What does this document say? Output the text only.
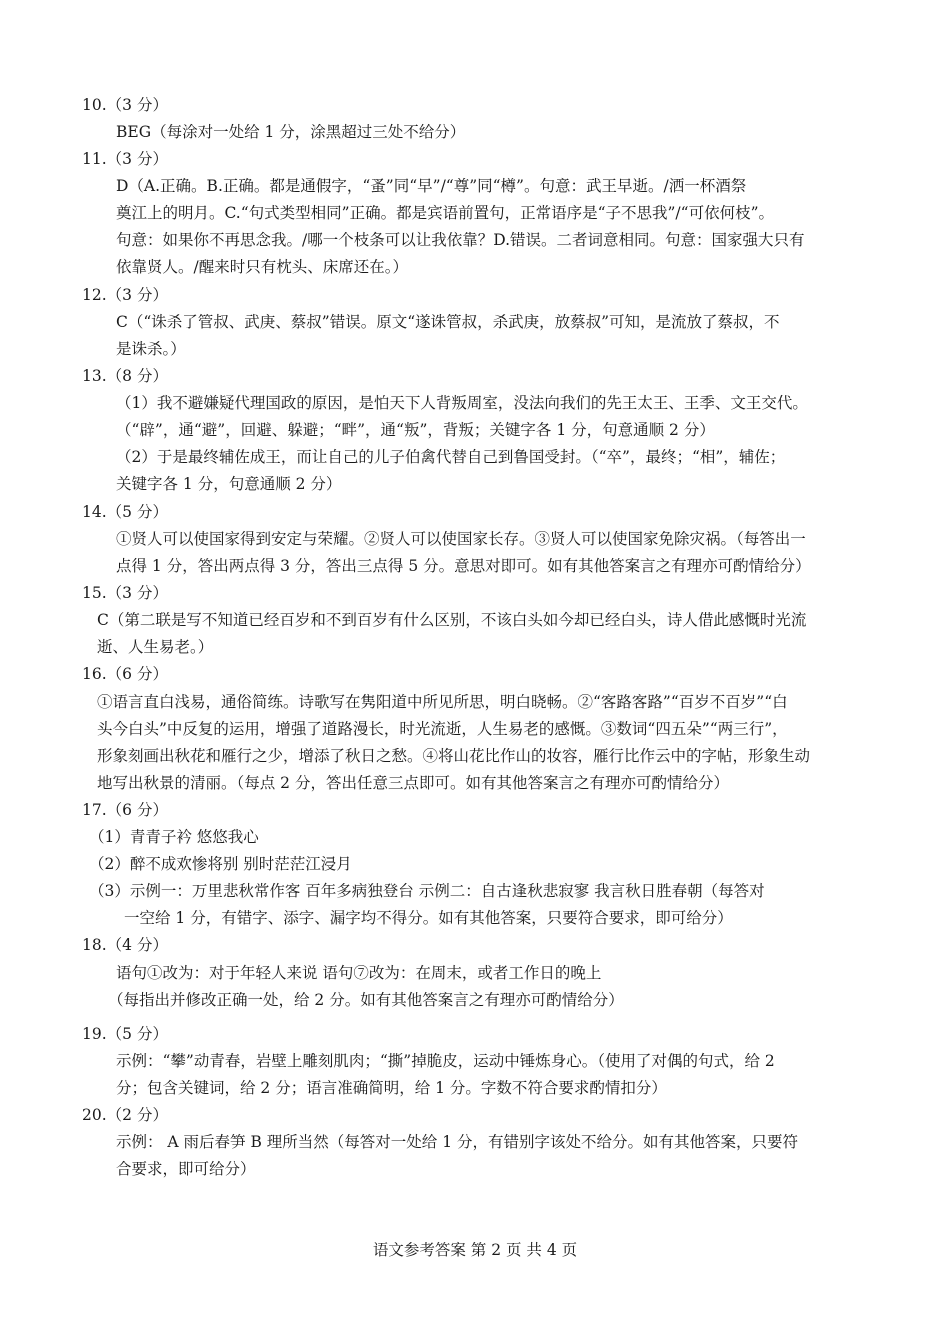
10.（3 分）
BEG（每涂对一处给 1 分，涂黑超过三处不给分）
11.（3 分）
D（A.正确。B.正确。都是通假字，“蚤”同“早”/“尊”同“樽”。句意：武王早逝。/洒一杯酒祭
奠江上的明月。C.“句式类型相同”正确。都是宾语前置句，正常语序是“子不思我”/“可依何枝”。
句意：如果你不再思念我。/哪一个枝条可以让我依靠？D.错误。二者词意相同。句意：国家强大只有
依靠贤人。/醒来时只有枕头、床席还在。）
12.（3 分）
C（“诛杀了管叔、武庚、蔡叔”错误。原文“遂诛管叔，杀武庚，放蔡叔”可知，是流放了蔡叔，不
是诛杀。）
13.（8 分）
（1）我不避嫌疑代理国政的原因，是怕天下人背叛周室，没法向我们的先王太王、王季、文王交代。
（“辟”，通“避”，回避、躲避；“畔”，通“叛”，背叛；关键字各 1 分，句意通顺 2 分）
（2）于是最终辅佐成王，而让自己的儿子伯禽代替自己到鲁国受封。（“卒”，最终；“相”，辅佐；
关键字各 1 分，句意通顺 2 分）
14.（5 分）
①贤人可以使国家得到安定与荣耀。②贤人可以使国家长存。③贤人可以使国家免除灾祸。（每答出一
点得 1 分，答出两点得 3 分，答出三点得 5 分。意思对即可。如有其他答案言之有理亦可酌情给分）
15.（3 分）
C（第二联是写不知道已经百岁和不到百岁有什么区别，不该白头如今却已经白头，诗人借此感慨时光流
逝、人生易老。）
16.（6 分）
①语言直白浅易，通俗简练。诗歌写在隽阳道中所见所思，明白晓畅。②“客路客路”“百岁不百岁”“白
头今白头”中反复的运用，增强了道路漫长，时光流逝，人生易老的感慨。③数词“四五朵”“两三行”，
形象刻画出秋花和雁行之少，增添了秋日之愁。④将山花比作山的妆容，雁行比作云中的字帖，形象生动
地写出秋景的清丽。（每点 2 分，答出任意三点即可。如有其他答案言之有理亦可酌情给分）
17.（6 分）
（1）青青子衿 悠悠我心
（2）醉不成欢惨将别 别时茫茫江浸月
（3）示例一：万里悲秋常作客 百年多病独登台 示例二：自古逢秋悲寂寥 我言秋日胜春朝（每答对
一空给 1 分，有错字、添字、漏字均不得分。如有其他答案，只要符合要求，即可给分）
18.（4 分）
语句①改为：对于年轻人来说 语句⑦改为：在周末，或者工作日的晚上
（每指出并修改正确一处，给 2 分。如有其他答案言之有理亦可酌情给分）
19.（5 分）
示例：“攀”动青春，岩壁上雕刻肌肉；“撕”掉脆皮，运动中锤炼身心。（使用了对偶的句式，给 2
分；包含关键词，给 2 分；语言准确简明，给 1 分。字数不符合要求酌情扣分）
20.（2 分）
示例： A 雨后春笋 B 理所当然（每答对一处给 1 分，有错别字该处不给分。如有其他答案，只要符
合要求，即可给分）
语文参考答案 第 2 页 共 4 页
